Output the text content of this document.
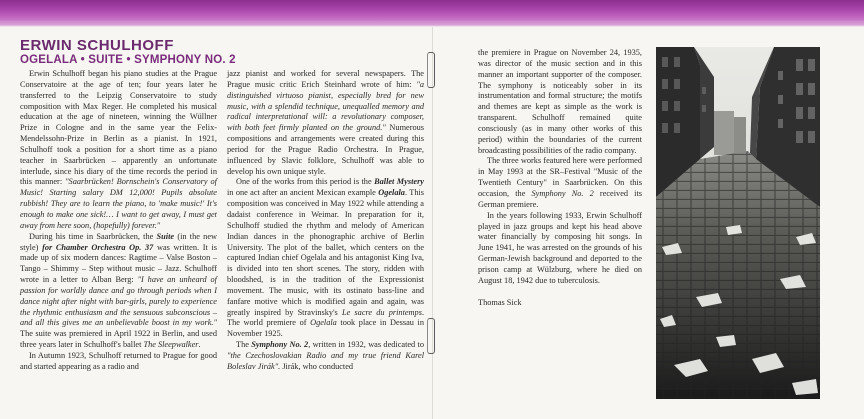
ERWIN SCHULHOFF
OGELALA • SUITE • SYMPHONY NO. 2

Erwin Schulhoff began his piano studies at the Prague Conservatoire at the age of ten; four years later he transferred to the Leipzig Conservatoire to study composition with Max Reger. He completed his musical education at the age of nineteen, winning the Wüllner Prize in Cologne and in the same year the Felix-Mendelssohn-Prize in Berlin as a pianist. In 1921, Schulhoff took a position for a short time as a piano teacher in Saarbrücken – apparently an unfortunate interlude, since his diary of the time records the period in this manner: "Saarbrücken! Bornschein's Conservatory of Music! Starting salary DM 12,000! Pupils absolute rubbish! They are to learn the piano, to 'make music!' It's enough to make one sick!… I want to get away, I must get away from here soon, (hopefully) forever."

During his time in Saarbrücken, the Suite (in the new style) for Chamber Orchestra Op. 37 was written. It is made up of six modern dances: Ragtime – Valse Boston – Tango – Shimmy – Step without music – Jazz. Schulhoff wrote in a letter to Alban Berg: "I have an unheard of passion for worldly dance and go through periods when I dance night after night with bar-girls, purely to experience the rhythmic enthusiasm and the sensuous subconscious – and all this gives me an unbelievable boost in my work." The suite was premiered in April 1922 in Berlin, and used three years later in Schulhoff's ballet The Sleepwalker.

In Autumn 1923, Schulhoff returned to Prague for good and started appearing as a radio and

jazz pianist and worked for several newspapers. The Prague music critic Erich Steinhard wrote of him: "a distinguished virtuoso pianist, especially bred for new music, with a splendid technique, unequalled memory and radical interpretational will: a revolutionary composer, with both feet firmly planted on the ground." Numerous compositions and arrangements were created during this period for the Prague Radio Orchestra. In Prague, influenced by Slavic folklore, Schulhoff was able to develop his own unique style.

One of the works from this period is the Ballet Mystery in one act after an ancient Mexican example Ogelala. This composition was conceived in May 1922 while attending a dadaist conference in Weimar. In preparation for it, Schulhoff studied the rhythm and melody of American Indian dances in the phonographic archive of Berlin University. The plot of the ballet, which centers on the captured Indian chief Ogelala and his antagonist King Iva, is divided into ten short scenes. The story, ridden with bloodshed, is in the tradition of the Expressionist movement. The music, with its ostinato bass-line and fanfare motive which is modified again and again, was greatly inspired by Stravinsky's Le sacre du printemps. The world premiere of Ogelala took place in Dessau in November 1925.

The Symphony No. 2, written in 1932, was dedicated to "the Czechoslovakian Radio and my true friend Karel Boleslav Jirák". Jirák, who conducted

the premiere in Prague on November 24, 1935, was director of the music section and in this manner an important supporter of the composer. The symphony is noticeably sober in its instrumentation and formal structure; the motifs and themes are kept as simple as the work is transparent. Schulhoff remained quite consciously (as in many other works of this period) within the boundaries of the current broadcasting possibilities of the radio company.

The three works featured here were performed in May 1993 at the SR–Festival "Music of the Twentieth Century" in Saarbrücken. On this occasion, the Symphony No. 2 received its German premiere.

In the years following 1933, Erwin Schulhoff played in jazz groups and kept his head above water financially by composing hit songs. In June 1941, he was arrested on the grounds of his German-Jewish background and deported to the prison camp at Wülzburg, where he died on August 18, 1942 due to tuberculosis.

Thomas Sick
